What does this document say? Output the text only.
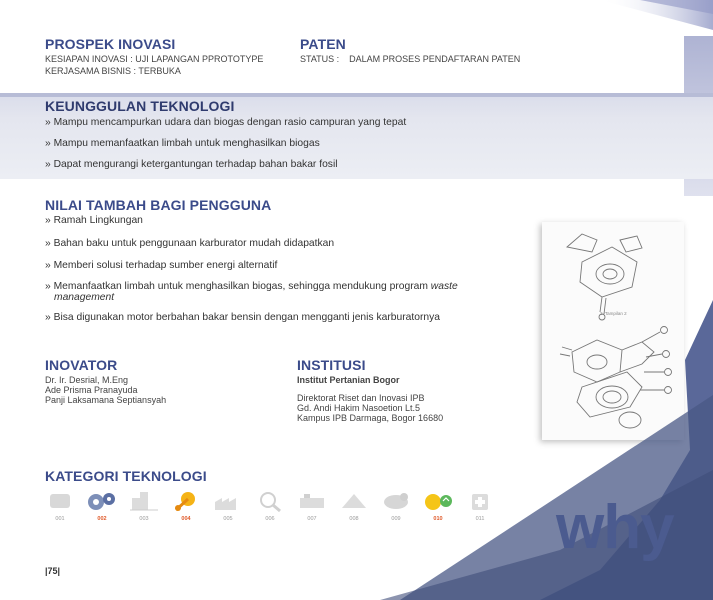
PROSPEK INOVASI
KESIAPAN INOVASI : UJI LAPANGAN PPROTOTYPE
KERJASAMA BISNIS : TERBUKA
PATEN
STATUS :    DALAM PROSES PENDAFTARAN PATEN
KEUNGGULAN TEKNOLOGI
» Mampu mencampurkan udara dan biogas dengan rasio campuran yang tepat
» Mampu memanfaatkan limbah untuk menghasilkan biogas
» Dapat mengurangi ketergantungan terhadap bahan bakar fosil
NILAI TAMBAH BAGI PENGGUNA
» Ramah Lingkungan
» Bahan baku untuk penggunaan karburator mudah didapatkan
» Memberi solusi terhadap sumber energi alternatif
» Memanfaatkan limbah untuk menghasilkan biogas, sehingga mendukung program waste
management
» Bisa digunakan motor berbahan bakar bensin dengan mengganti jenis karburatornya	2. Tampilan 2
INOVATOR
Dr. Ir. Desrial, M.Eng
Ade Prisma Pranayuda
Panji Laksamana Septiansyah
INSTITUSI
Institut Pertanian Bogor
Direktorat Riset dan Inovasi IPB
Gd. Andi Hakim Nasoetion Lt.5
Kampus IPB Darmaga, Bogor 16680
KATEGORI TEKNOLOGI
001	002	003	004	005	006	007	008	009	010	011 why
|75|
